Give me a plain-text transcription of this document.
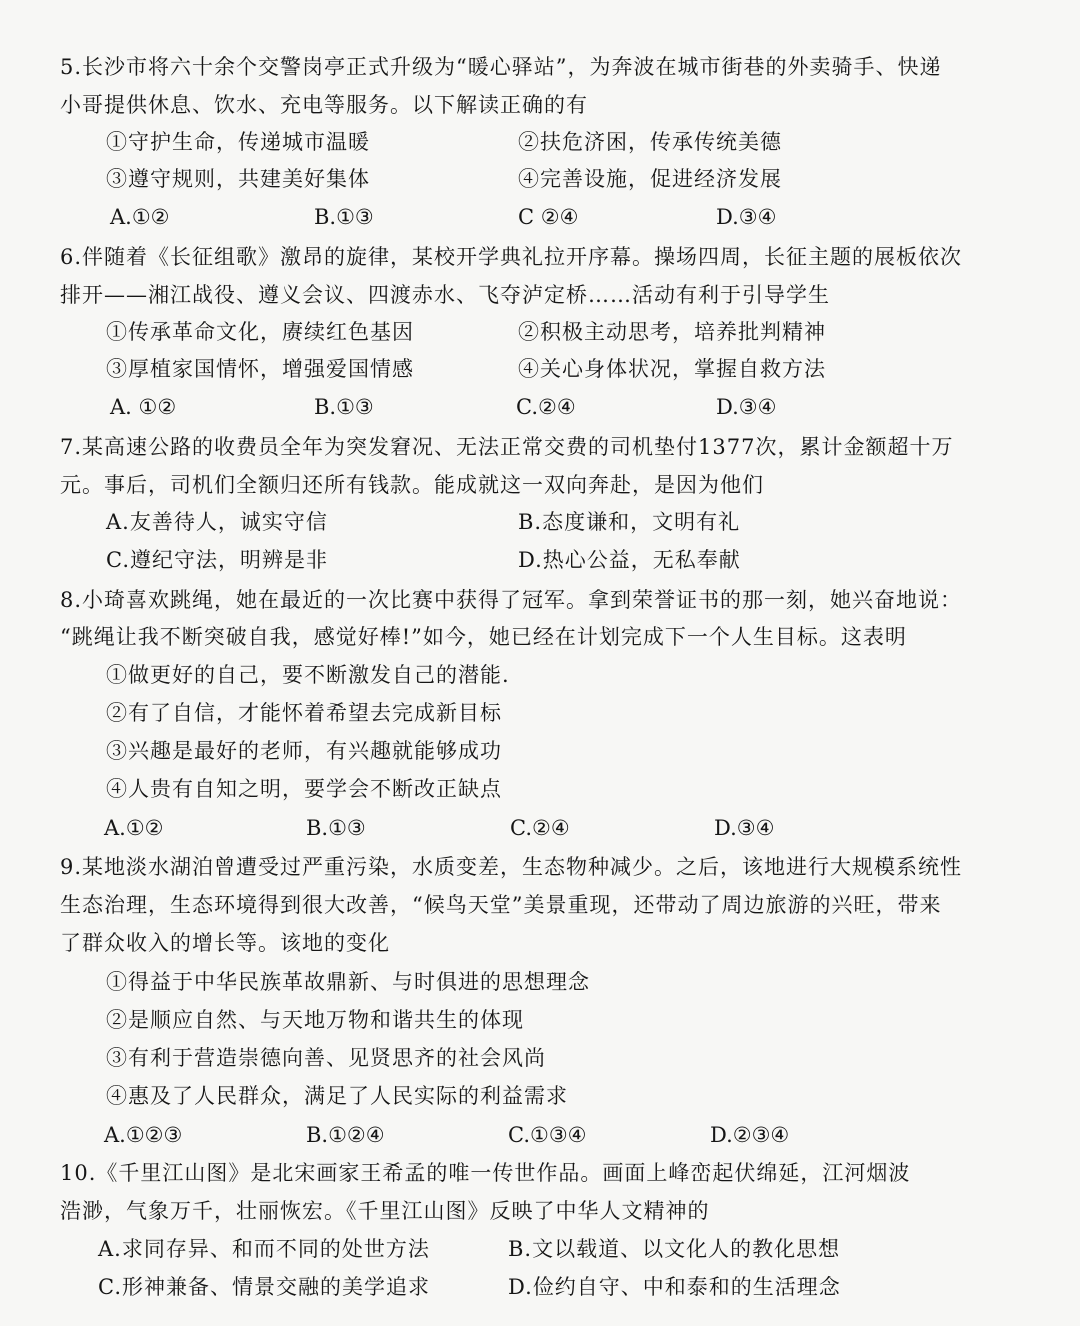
5.长沙市将六十余个交警岗亭正式升级为“暖心驿站”，为奔波在城市街巷的外卖骑手、快递
小哥提供休息、饮水、充电等服务。以下解读正确的有
①守护生命，传递城市温暖	②扶危济困，传承传统美德
③遵守规则，共建美好集体	④完善设施，促进经济发展
A.①②	B.①③	C ②④	D.③④
6.伴随着《长征组歌》激昂的旋律，某校开学典礼拉开序幕。操场四周，长征主题的展板依次
排开——湘江战役、遵义会议、四渡赤水、飞夺泸定桥……活动有利于引导学生
①传承革命文化，赓续红色基因	②积极主动思考，培养批判精神
③厚植家国情怀，增强爱国情感	④关心身体状况，掌握自救方法
A. ①②	B.①③	C.②④	D.③④
7.某高速公路的收费员全年为突发窘况、无法正常交费的司机垫付1377次，累计金额超十万
元。事后，司机们全额归还所有钱款。能成就这一双向奔赴，是因为他们
A.友善待人，诚实守信	B.态度谦和，文明有礼
C.遵纪守法，明辨是非	D.热心公益，无私奉献
8.小琦喜欢跳绳，她在最近的一次比赛中获得了冠军。拿到荣誉证书的那一刻，她兴奋地说：
“跳绳让我不断突破自我，感觉好棒!”如今，她已经在计划完成下一个人生目标。这表明
①做更好的自己，要不断激发自己的潜能.
②有了自信，才能怀着希望去完成新目标
③兴趣是最好的老师，有兴趣就能够成功
④人贵有自知之明，要学会不断改正缺点
A.①②	B.①③	C.②④	D.③④
9.某地淡水湖泊曾遭受过严重污染，水质变差，生态物种减少。之后，该地进行大规模系统性
生态治理，生态环境得到很大改善，“候鸟天堂”美景重现，还带动了周边旅游的兴旺，带来
了群众收入的增长等。该地的变化
①得益于中华民族革故鼎新、与时俱进的思想理念
②是顺应自然、与天地万物和谐共生的体现
③有利于营造崇德向善、见贤思齐的社会风尚
④惠及了人民群众，满足了人民实际的利益需求
A.①②③	B.①②④	C.①③④	D.②③④
10.《千里江山图》是北宋画家王希孟的唯一传世作品。画面上峰峦起伏绵延，江河烟波
浩渺，气象万千，壮丽恢宏。《千里江山图》反映了中华人文精神的
A.求同存异、和而不同的处世方法	B.文以载道、以文化人的教化思想
C.形神兼备、情景交融的美学追求	D.俭约自守、中和泰和的生活理念
